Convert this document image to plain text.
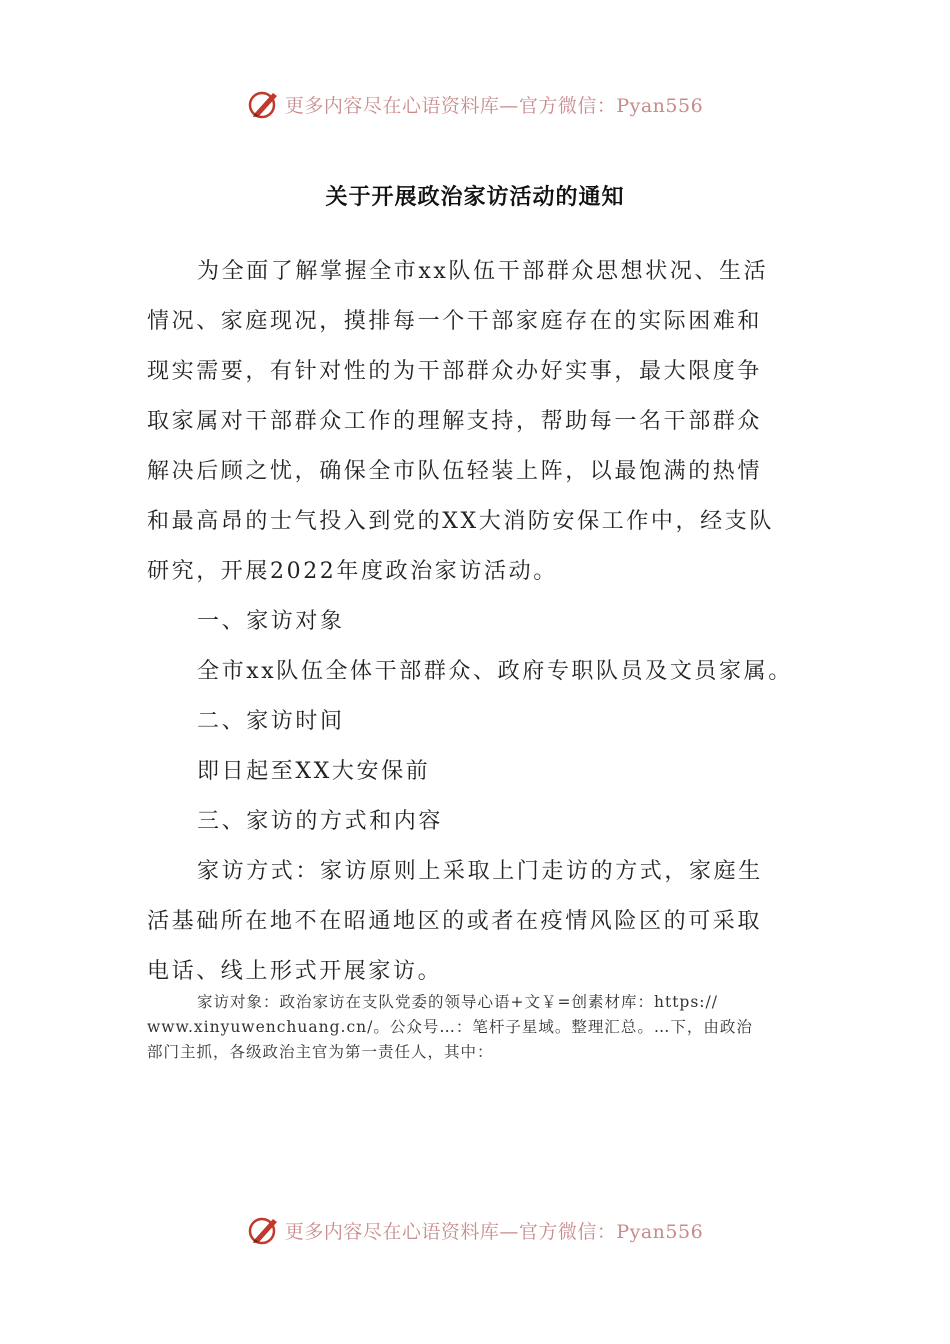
更多内容尽在心语资料库—官方微信：Pyan556
关于开展政治家访活动的通知

为全面了解掌握全市xx队伍干部群众思想状况、生活

情况、家庭现况，摸排每一个干部家庭存在的实际困难和
现实需要，有针对性的为干部群众办好实事，最大限度争
取家属对干部群众工作的理解支持，帮助每一名干部群众
解决后顾之忧，确保全市队伍轻装上阵，以最饱满的热情
和最高昂的士气投入到党的XX大消防安保工作中，经支队
研究，开展2022年度政治家访活动。

一、家访对象

全市xx队伍全体干部群众、政府专职队员及文员家属。

二、家访时间

即日起至XX大安保前

三、家访的方式和内容

家访方式：家访原则上采取上门走访的方式，家庭生

活基础所在地不在昭通地区的或者在疫情风险区的可采取
电话、线上形式开展家访。

家访对象：政治家访在支队党委的领导心语+文￥=创素材库：https://

www.xinyuwenchuang.cn/。公众号…：笔杆子星域。整理汇总。…下，由政治

部门主抓，各级政治主官为第一责任人，其中：

更多内容尽在心语资料库—官方微信：Pyan556
